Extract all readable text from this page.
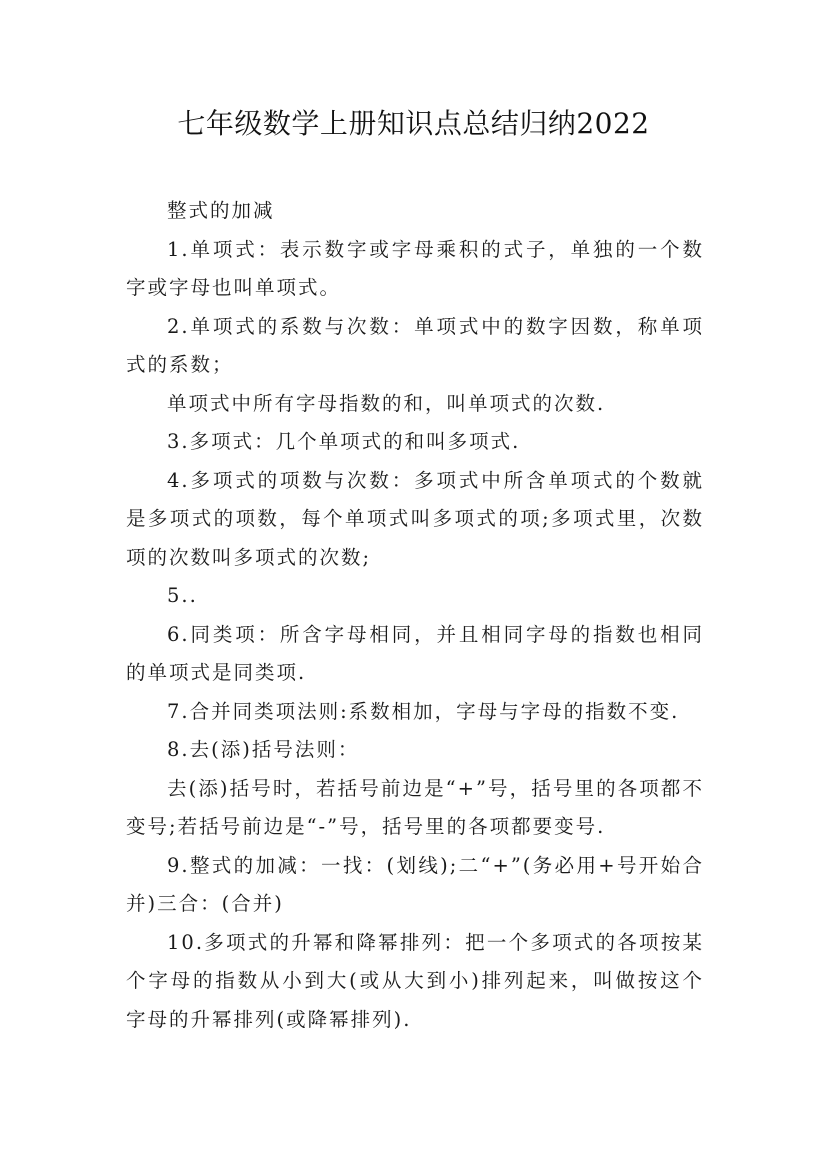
七年级数学上册知识点总结归纳2022

整式的加减

1.单项式：表示数字或字母乘积的式子，单独的一个数字或字母也叫单项式。

2.单项式的系数与次数：单项式中的数字因数，称单项式的系数；

单项式中所有字母指数的和，叫单项式的次数.

3.多项式：几个单项式的和叫多项式.

4.多项式的项数与次数：多项式中所含单项式的个数就是多项式的项数，每个单项式叫多项式的项;多项式里，次数项的次数叫多项式的次数;

5..

6.同类项：所含字母相同，并且相同字母的指数也相同的单项式是同类项.

7.合并同类项法则:系数相加，字母与字母的指数不变.

8.去(添)括号法则：

去(添)括号时，若括号前边是“+”号，括号里的各项都不变号;若括号前边是“-”号，括号里的各项都要变号.

9.整式的加减：一找：(划线);二“+”(务必用+号开始合并)三合：(合并)

10.多项式的升幂和降幂排列：把一个多项式的各项按某个字母的指数从小到大(或从大到小)排列起来，叫做按这个字母的升幂排列(或降幂排列).
